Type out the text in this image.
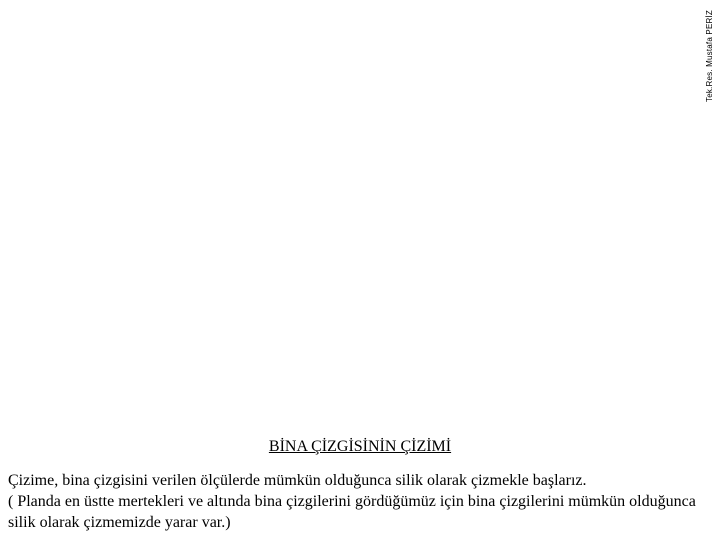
Tek.Res. Mustafa PERİZ
BİNA ÇİZGİSİNİN ÇİZİMİ

Çizime, bina çizgisini verilen ölçülerde mümkün olduğunca silik olarak çizmekle başlarız.

( Planda en üstte mertekleri ve altında bina çizgilerini gördüğümüz için bina çizgilerini mümkün olduğunca silik olarak çizmemizde yarar var.)
